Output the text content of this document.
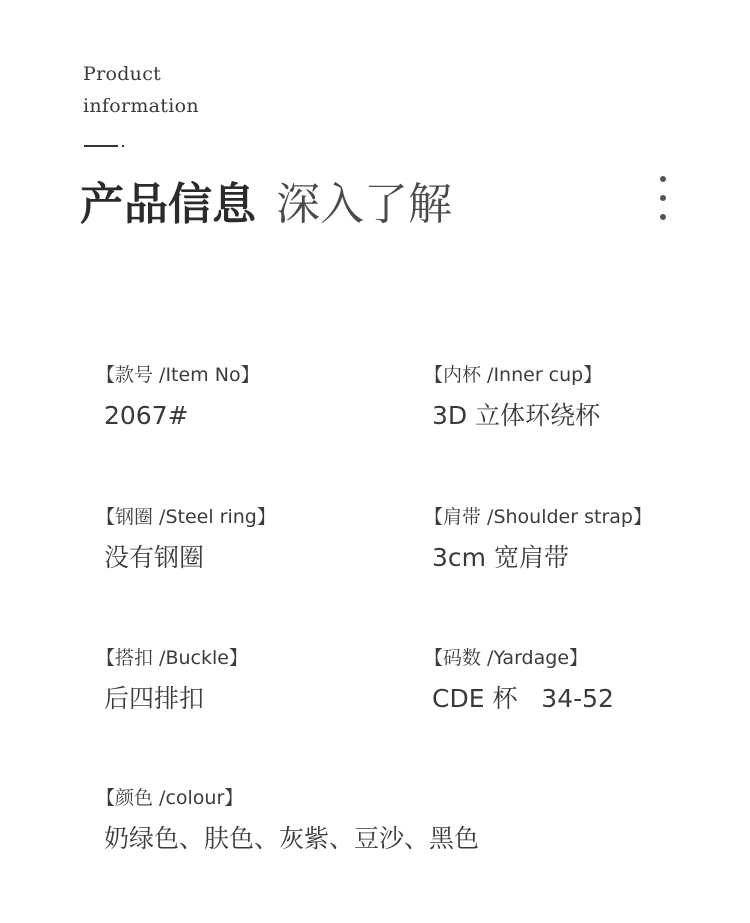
Product
information
产品信息 深入了解
【款号 /Item No】
2067#
【内杯 /Inner cup】
3D 立体环绕杯
【钢圈 /Steel ring】
没有钢圈
【肩带 /Shoulder strap】
3cm 宽肩带
【搭扣 /Buckle】
后四排扣
【码数 /Yardage】
CDE 杯   34-52
【颜色 /colour】
奶绿色、肤色、灰紫、豆沙、黑色
